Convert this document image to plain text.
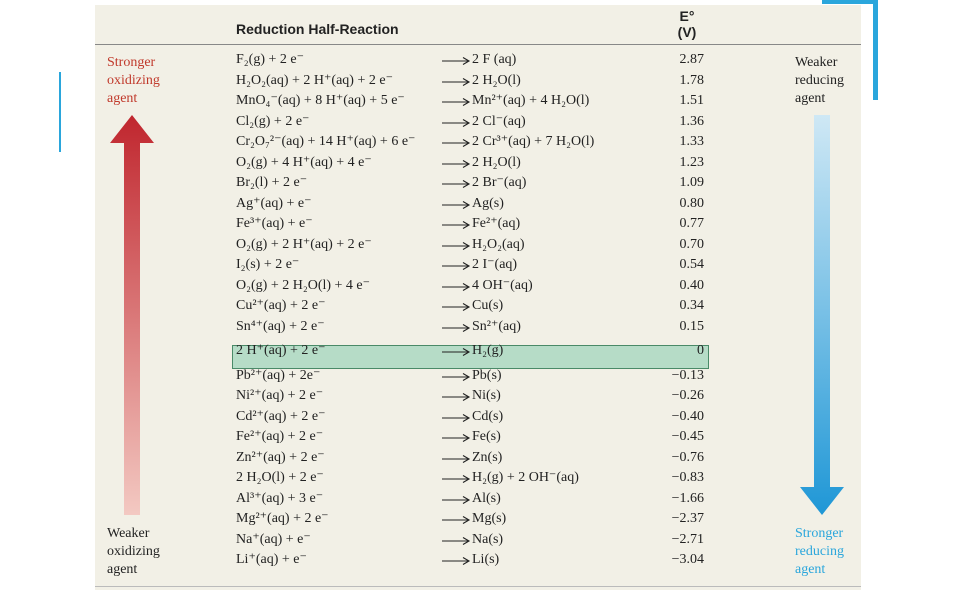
Reduction Half-Reaction
E°
(V)
F₂(g) + 2 e⁻	→ 2 F (aq)	2.87
H₂O₂(aq) + 2 H⁺(aq) + 2 e⁻	→ 2 H₂O(l)	1.78
MnO₄⁻(aq) + 8 H⁺(aq) + 5 e⁻	→ Mn²⁺(aq) + 4 H₂O(l)	1.51
Cl₂(g) + 2 e⁻	→ 2 Cl⁻(aq)	1.36
Cr₂O₇²⁻(aq) + 14 H⁺(aq) + 6 e⁻ → 2 Cr³⁺(aq) + 7 H₂O(l)	1.33
O₂(g) + 4 H⁺(aq) + 4 e⁻	→ 2 H₂O(l)	1.23
Br₂(l) + 2 e⁻	→ 2 Br⁻(aq)	1.09
Ag⁺(aq) + e⁻	→ Ag(s)	0.80
Fe³⁺(aq) + e⁻	→ Fe²⁺(aq)	0.77
O₂(g) + 2 H⁺(aq) + 2 e⁻	→ H₂O₂(aq)	0.70
I₂(s) + 2 e⁻	→ 2 I⁻(aq)	0.54
O₂(g) + 2 H₂O(l) + 4 e⁻	→ 4 OH⁻(aq)	0.40
Cu²⁺(aq) + 2 e⁻	→ Cu(s)	0.34
Sn⁴⁺(aq) + 2 e⁻	→ Sn²⁺(aq)	0.15
2 H⁺(aq) + 2 e⁻	→ H₂(g)	0
Pb²⁺(aq) + 2e⁻	→ Pb(s)	−0.13
Ni²⁺(aq) + 2 e⁻	→ Ni(s)	−0.26
Cd²⁺(aq) + 2 e⁻	→ Cd(s)	−0.40
Fe²⁺(aq) + 2 e⁻	→ Fe(s)	−0.45
Zn²⁺(aq) + 2 e⁻	→ Zn(s)	−0.76
2 H₂O(l) + 2 e⁻	→ H₂(g) + 2 OH⁻(aq)	−0.83
Al³⁺(aq) + 3 e⁻	→ Al(s)	−1.66
Mg²⁺(aq) + 2 e⁻	→ Mg(s)	−2.37
Na⁺(aq) + e⁻	→ Na(s)	−2.71
Li⁺(aq) + e⁻	→ Li(s)	−3.04
Stronger
oxidizing
agent
Weaker
oxidizing
agent
Weaker
reducing
agent
Stronger
reducing
agent
